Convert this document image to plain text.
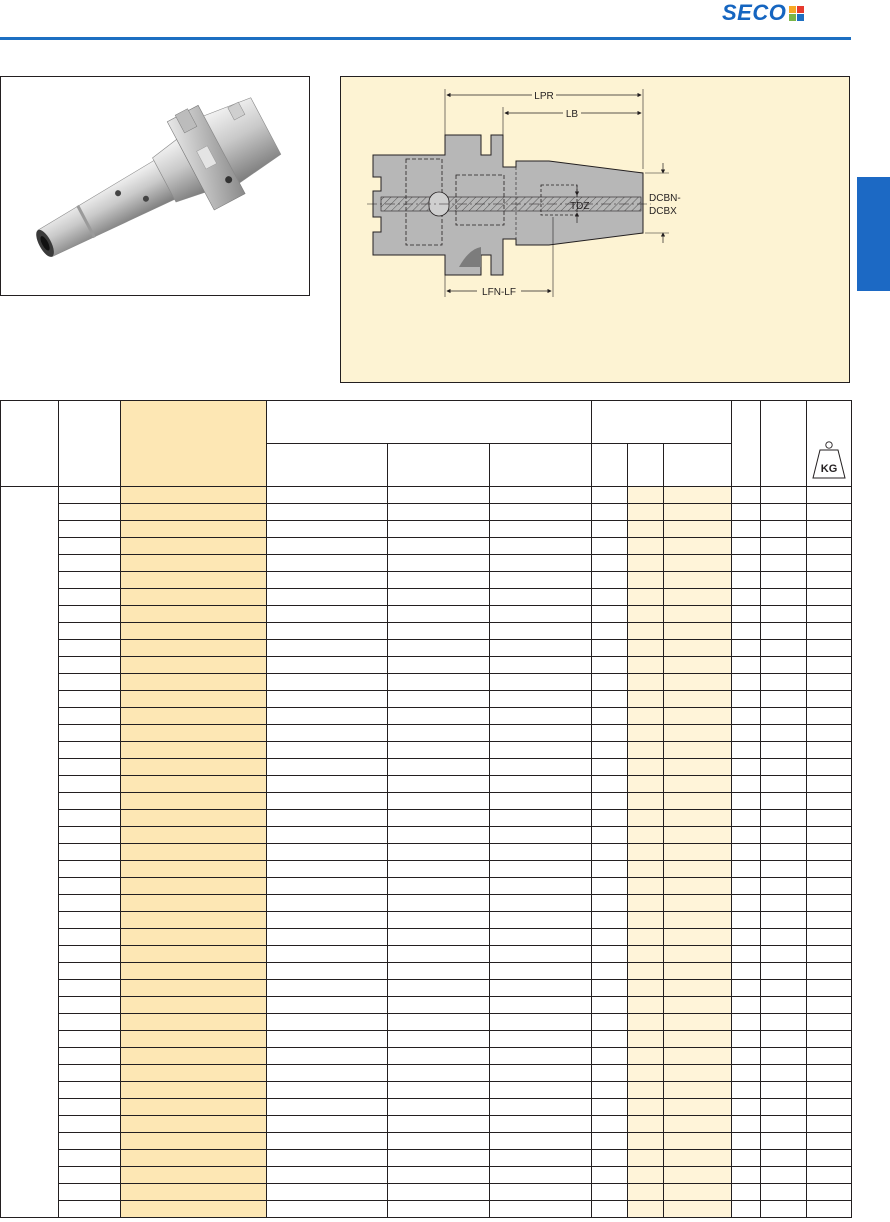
SECO
LPR
LB
DCBN-
DCBX
TDZ
LFN-LF

KG
